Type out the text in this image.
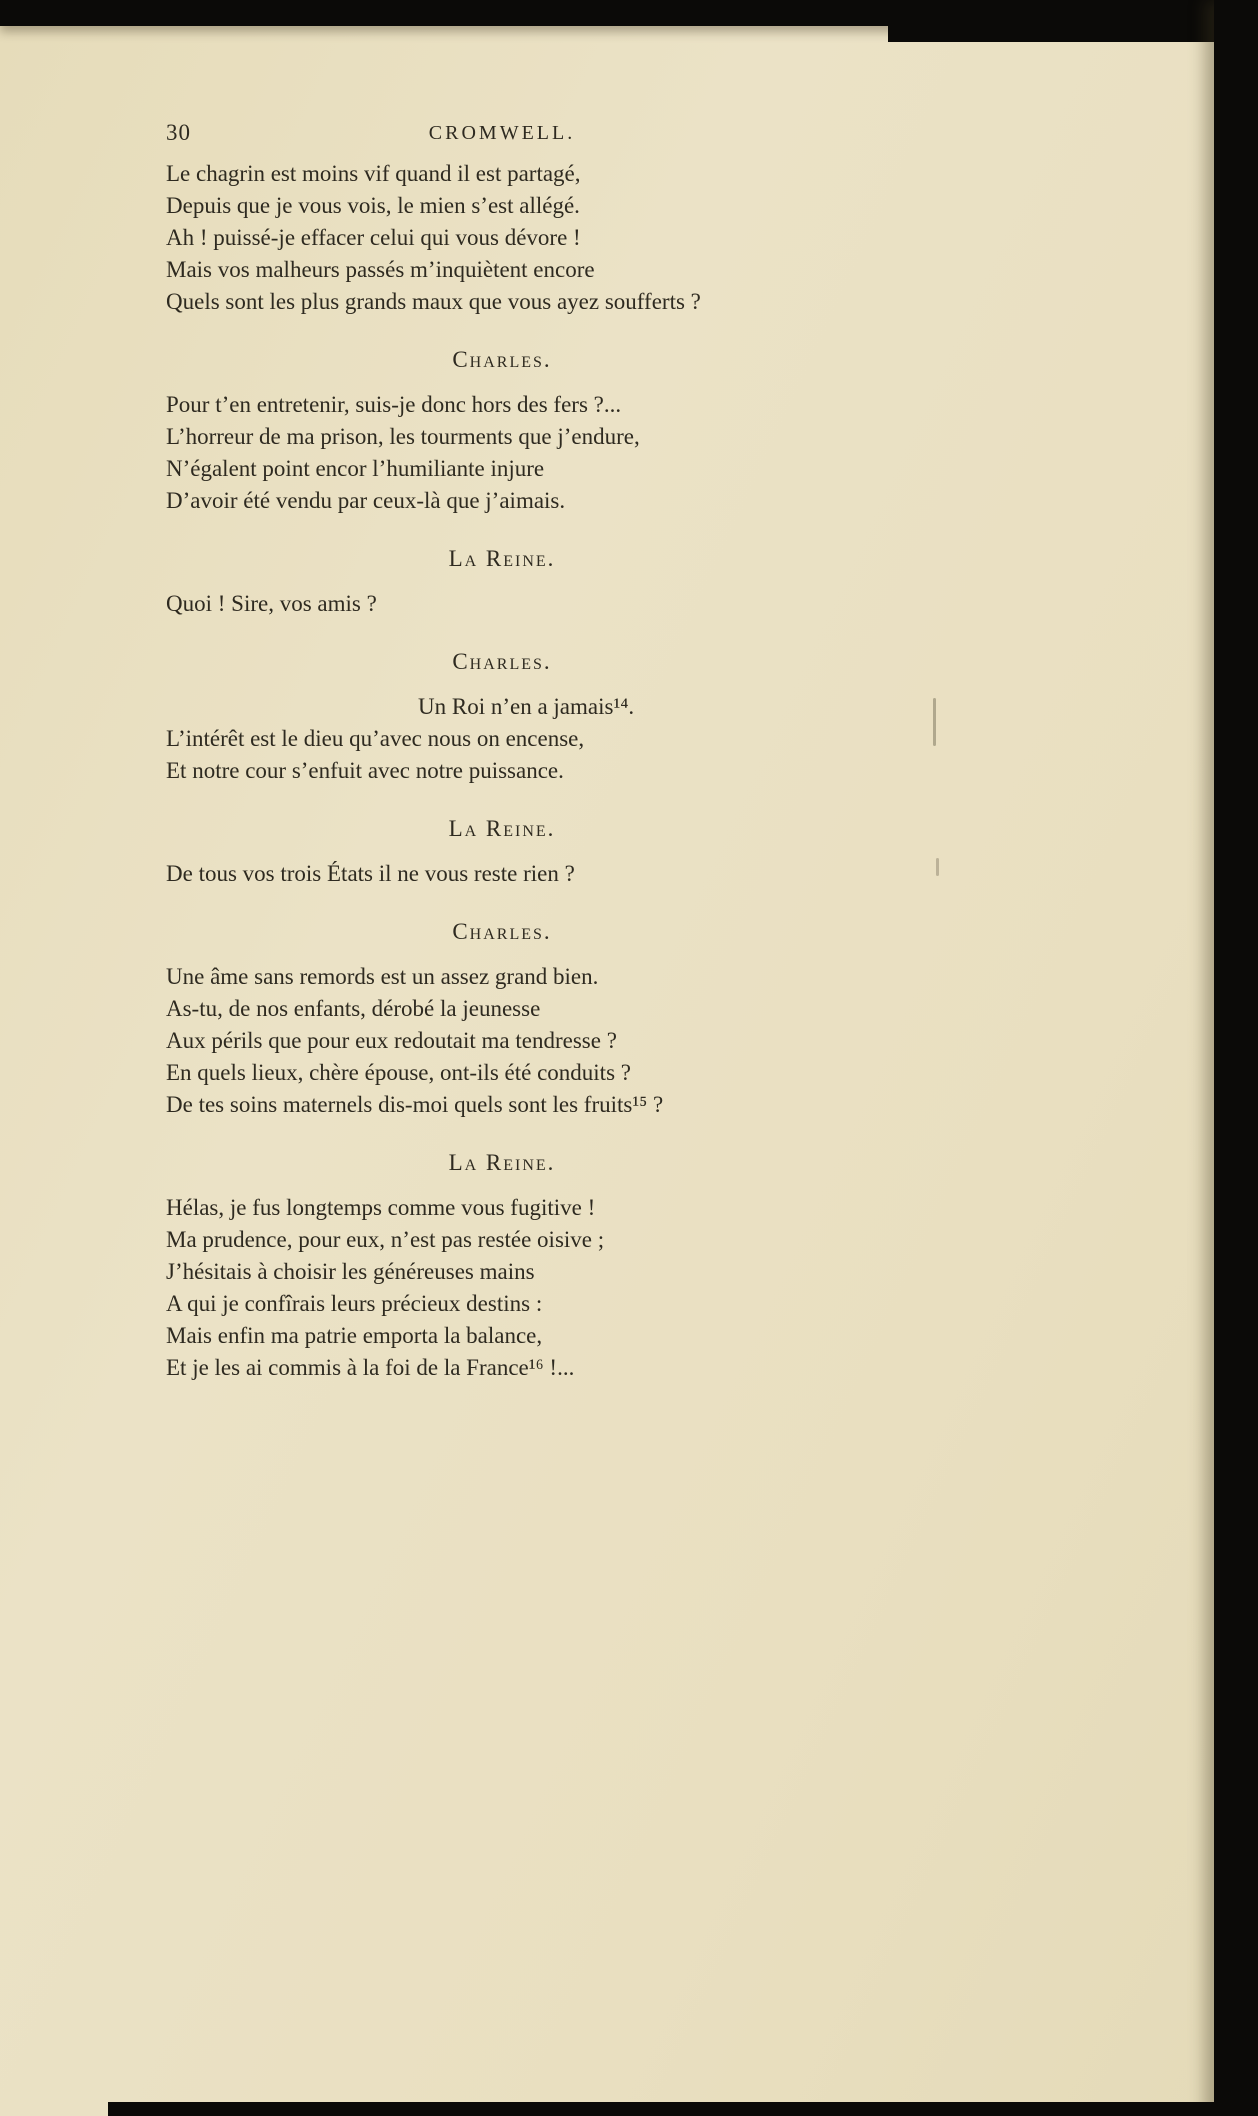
30	CROMWELL.
Le chagrin est moins vif quand il est partagé,
Depuis que je vous vois, le mien s’est allégé.
Ah ! puissé-je effacer celui qui vous dévore !
Mais vos malheurs passés m’inquiètent encore
Quels sont les plus grands maux que vous ayez soufferts ?
Charles.
Pour t’en entretenir, suis-je donc hors des fers ?...
L’horreur de ma prison, les tourments que j’endure,
N’égalent point encor l’humiliante injure
D’avoir été vendu par ceux-là que j’aimais.
La Reine.
Quoi ! Sire, vos amis ?
Charles.
Un Roi n’en a jamais¹⁴.
L’intérêt est le dieu qu’avec nous on encense,
Et notre cour s’enfuit avec notre puissance.
La Reine.
De tous vos trois États il ne vous reste rien ?
Charles.
Une âme sans remords est un assez grand bien.
As-tu, de nos enfants, dérobé la jeunesse
Aux périls que pour eux redoutait ma tendresse ?
En quels lieux, chère épouse, ont-ils été conduits ?
De tes soins maternels dis-moi quels sont les fruits¹⁵ ?
La Reine.
Hélas, je fus longtemps comme vous fugitive !
Ma prudence, pour eux, n’est pas restée oisive ;
J’hésitais à choisir les généreuses mains
A qui je confîrais leurs précieux destins :
Mais enfin ma patrie emporta la balance,
Et je les ai commis à la foi de la France¹⁶ !...
